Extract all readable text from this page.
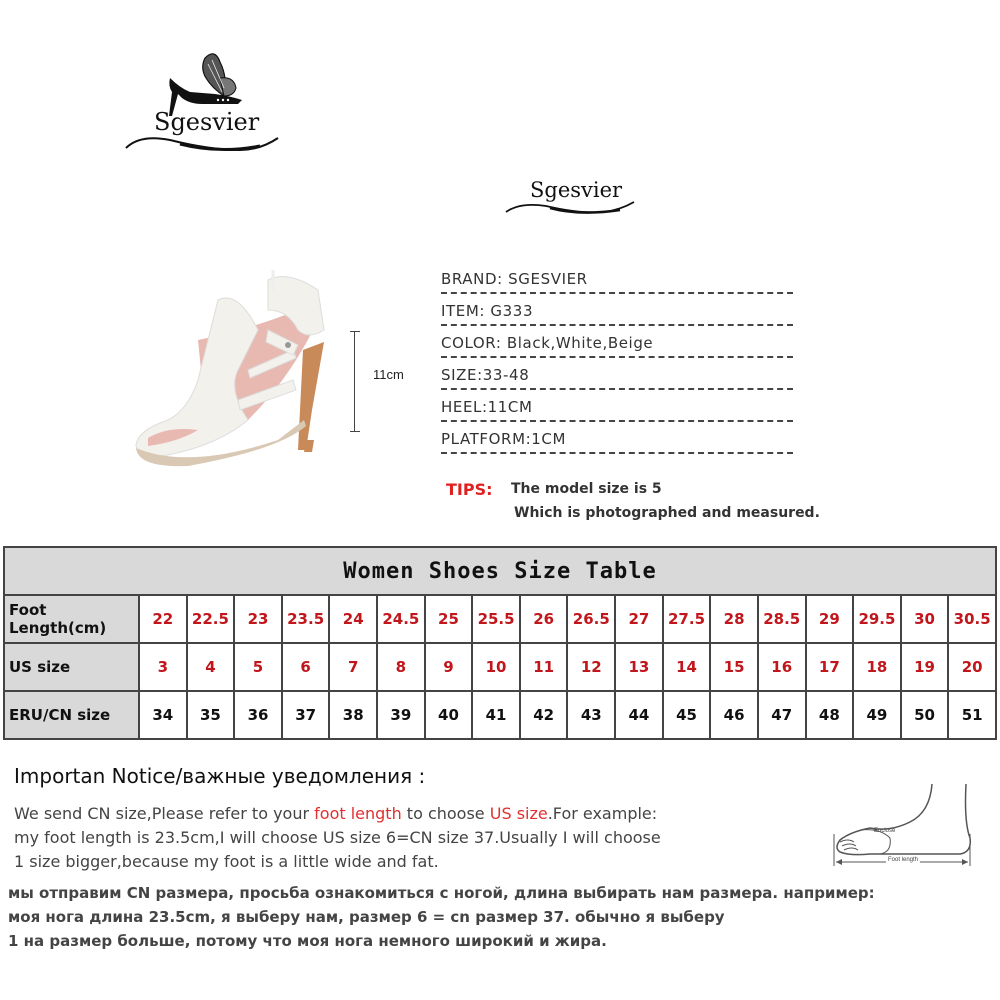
Sgesvier
Sgesvier
11cm
BRAND: SGESVIER
ITEM: G333
COLOR: Black,White,Beige
SIZE:33-48
HEEL:11CM
PLATFORM:1CM
TIPS: The model size is 5
Which is photographed and measured.
Women Shoes Size Table																		
Foot Length(cm)	22	22.5	23	23.5	24	24.5	25	25.5	26	26.5	27	27.5	28	28.5	29	29.5	30	30.5
US size	3	4	5	6	7	8	9	10	11	12	13	14	15	16	17	18	19	20
ERU/CN size	34	35	36	37	38	39	40	41	42	43	44	45	46	47	48	49	50	51
Importan Notice/важные уведомления :
We send CN size,Please refer to your foot length to choose US size.For example:
my foot length is 23.5cm,I will choose US size 6=CN size 37.Usually I will choose
1 size bigger,because my foot is a little wide and fat.
мы отправим CN размера, просьба ознакомиться с ногой, длина выбирать нам размера. например:
моя нога длина 23.5cm, я выберу нам, размер 6 = cn размер 37. обычно я выберу
1 на размер больше, потому что моя нога немного широкий и жира.
Enclose
Foot length
